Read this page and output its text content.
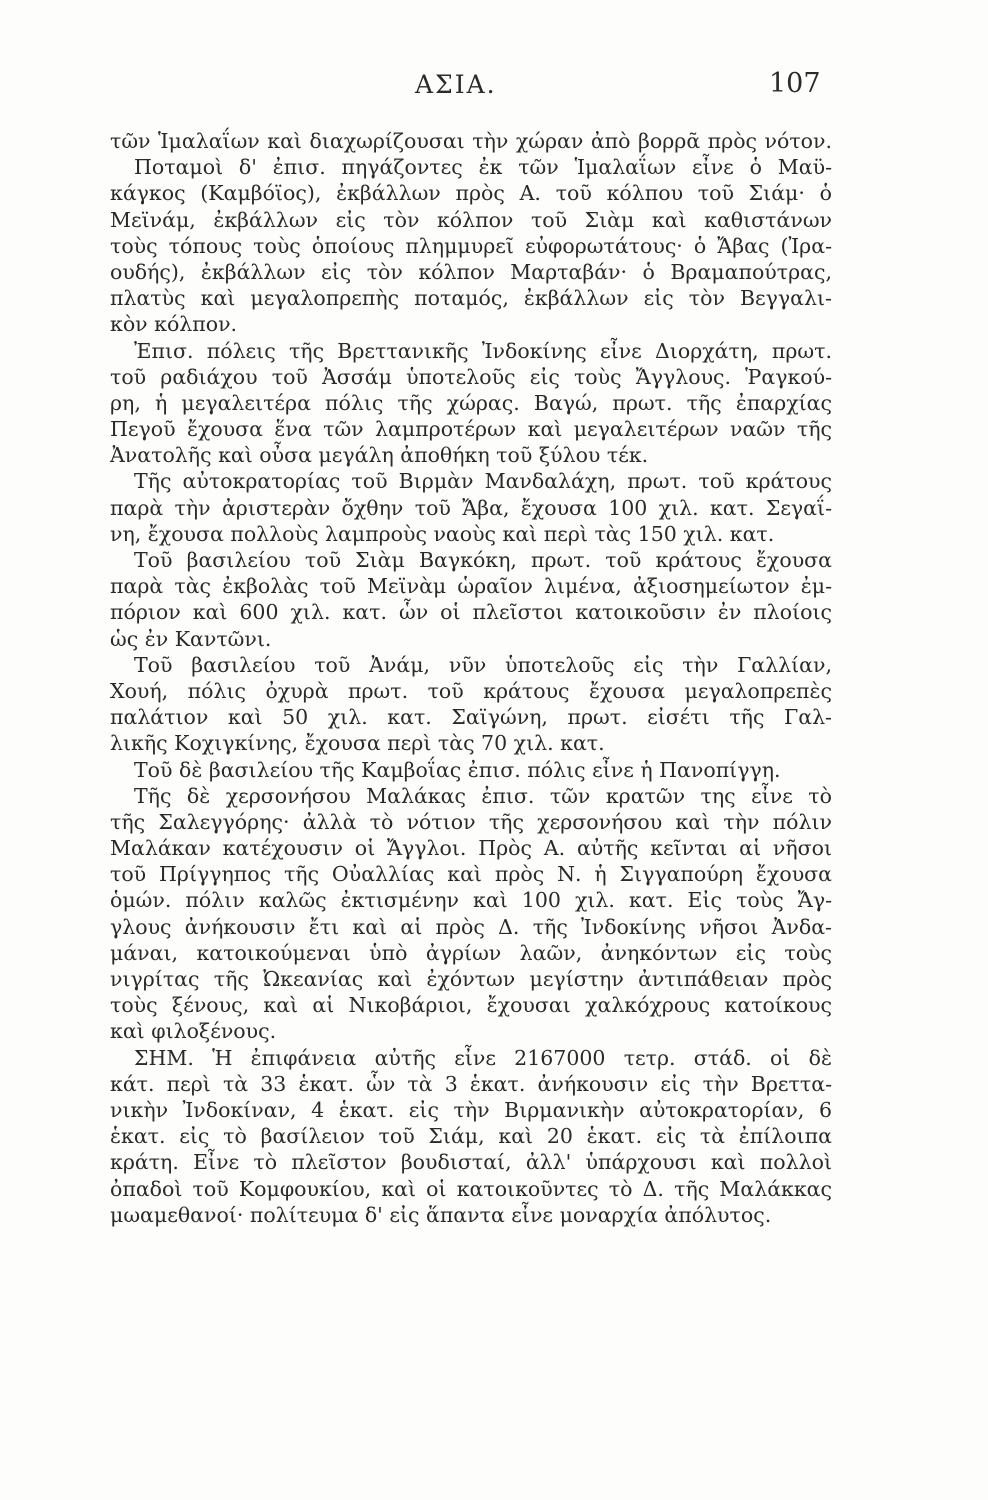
ΑΣΙΑ.	107
τῶν Ἱμαλαΐων καὶ διαχωρίζουσαι τὴν χώραν ἀπὸ βορρᾶ πρὸς νότον.
Ποταμοὶ δ' ἐπισ. πηγάζοντες ἐκ τῶν Ἱμαλαΐων εἶνε ὁ Μαϋ-
κάγκος (Καμβόϊος), ἐκβάλλων πρὸς Α. τοῦ κόλπου τοῦ Σιάμ· ὁ
Μεϊνάμ, ἐκβάλλων εἰς τὸν κόλπον τοῦ Σιὰμ καὶ καθιστάνων
τοὺς τόπους τοὺς ὁποίους πλημμυρεῖ εὐφορωτάτους· ὁ Ἄβας (Ἰρα-
ουδής), ἐκβάλλων εἰς τὸν κόλπον Μαρταβάν· ὁ Βραμαπούτρας,
πλατὺς καὶ μεγαλοπρεπὴς ποταμός, ἐκβάλλων εἰς τὸν Βεγγαλι-
κὸν κόλπον.
Ἐπισ. πόλεις τῆς Βρεττανικῆς Ἰνδοκίνης εἶνε Διορχάτη, πρωτ.
τοῦ ραδιάχου τοῦ Ἀσσάμ ὑποτελοῦς εἰς τοὺς Ἄγγλους. Ῥαγκού-
ρη, ἡ μεγαλειτέρα πόλις τῆς χώρας. Βαγώ, πρωτ. τῆς ἐπαρχίας
Πεγοῦ ἔχουσα ἕνα τῶν λαμπροτέρων καὶ μεγαλειτέρων ναῶν τῆς
Ἀνατολῆς καὶ οὖσα μεγάλη ἀποθήκη τοῦ ξύλου τέκ.
Τῆς αὐτοκρατορίας τοῦ Βιρμὰν Μανδαλάχη, πρωτ. τοῦ κράτους
παρὰ τὴν ἀριστερὰν ὄχθην τοῦ Ἄβα, ἔχουσα 100 χιλ. κατ. Σεγαΐ-
νη, ἔχουσα πολλοὺς λαμπροὺς ναοὺς καὶ περὶ τὰς 150 χιλ. κατ.
Τοῦ βασιλείου τοῦ Σιὰμ Βαγκόκη, πρωτ. τοῦ κράτους ἔχουσα
παρὰ τὰς ἐκβολὰς τοῦ Μεϊνὰμ ὡραῖον λιμένα, ἀξιοσημείωτον ἐμ-
πόριον καὶ 600 χιλ. κατ. ὧν οἱ πλεῖστοι κατοικοῦσιν ἐν πλοίοις
ὡς ἐν Καντῶνι.
Τοῦ βασιλείου τοῦ Ἀνάμ, νῦν ὑποτελοῦς εἰς τὴν Γαλλίαν,
Χουή, πόλις ὀχυρὰ πρωτ. τοῦ κράτους ἔχουσα μεγαλοπρεπὲς
παλάτιον καὶ 50 χιλ. κατ. Σαϊγώνη, πρωτ. εἰσέτι τῆς Γαλ-
λικῆς Κοχιγκίνης, ἔχουσα περὶ τὰς 70 χιλ. κατ.
Τοῦ δὲ βασιλείου τῆς Καμβοΐας ἐπισ. πόλις εἶνε ἡ Πανοπίγγη.
Τῆς δὲ χερσονήσου Μαλάκας ἐπισ. τῶν κρατῶν της εἶνε τὸ
τῆς Σαλεγγόρης· ἀλλὰ τὸ νότιον τῆς χερσονήσου καὶ τὴν πόλιν
Μαλάκαν κατέχουσιν οἱ Ἄγγλοι. Πρὸς Α. αὐτῆς κεῖνται αἱ νῆσοι
τοῦ Πρίγγηπος τῆς Οὐαλλίας καὶ πρὸς Ν. ἡ Σιγγαπούρη ἔχουσα
ὁμών. πόλιν καλῶς ἐκτισμένην καὶ 100 χιλ. κατ. Εἰς τοὺς Ἄγ-
γλους ἀνήκουσιν ἔτι καὶ αἱ πρὸς Δ. τῆς Ἰνδοκίνης νῆσοι Ἀνδα-
μάναι, κατοικούμεναι ὑπὸ ἀγρίων λαῶν, ἀνηκόντων εἰς τοὺς
νιγρίτας τῆς Ὠκεανίας καὶ ἐχόντων μεγίστην ἀντιπάθειαν πρὸς
τοὺς ξένους, καὶ αἱ Νικοβάριοι, ἔχουσαι χαλκόχρους κατοίκους
καὶ φιλοξένους.
ΣΗΜ. Ἡ ἐπιφάνεια αὐτῆς εἶνε 2167000 τετρ. στάδ. οἱ δὲ
κάτ. περὶ τὰ 33 ἑκατ. ὧν τὰ 3 ἑκατ. ἀνήκουσιν εἰς τὴν Βρεττα-
νικὴν Ἰνδοκίναν, 4 ἑκατ. εἰς τὴν Βιρμανικὴν αὐτοκρατορίαν, 6
ἑκατ. εἰς τὸ βασίλειον τοῦ Σιάμ, καὶ 20 ἑκατ. εἰς τὰ ἐπίλοιπα
κράτη. Εἶνε τὸ πλεῖστον βουδισταί, ἀλλ' ὑπάρχουσι καὶ πολλοὶ
ὀπαδοὶ τοῦ Κομφουκίου, καὶ οἱ κατοικοῦντες τὸ Δ. τῆς Μαλάκκας
μωαμεθανοί· πολίτευμα δ' εἰς ἅπαντα εἶνε μοναρχία ἀπόλυτος.
